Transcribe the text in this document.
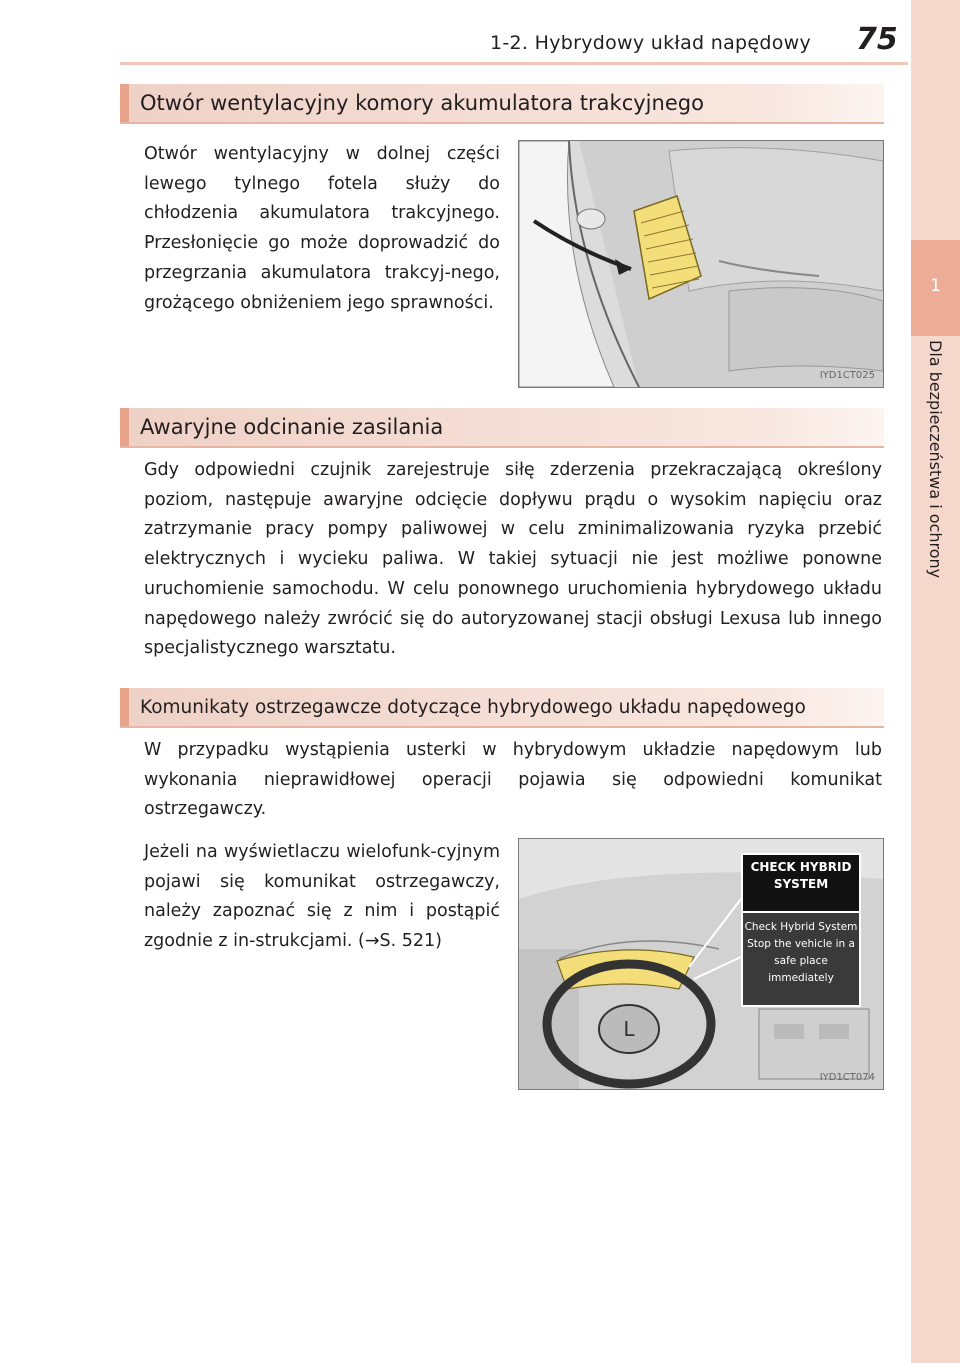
1-2. Hybrydowy układ napędowy 75
1
Dla bezpieczeństwa i ochrony
Otwór wentylacyjny komory akumulatora trakcyjnego
Otwór wentylacyjny w dolnej części lewego tylnego fotela służy do chłodzenia akumulatora trakcyjnego. Przesłonięcie go może doprowadzić do przegrzania akumulatora trakcyj-nego, grożącego obniżeniem jego sprawności.
IYD1CT025
Awaryjne odcinanie zasilania
Gdy odpowiedni czujnik zarejestruje siłę zderzenia przekraczającą określony poziom, następuje awaryjne odcięcie dopływu prądu o wysokim napięciu oraz zatrzymanie pracy pompy paliwowej w celu zminimalizowania ryzyka przebić elektrycznych i wycieku paliwa. W takiej sytuacji nie jest możliwe ponowne uruchomienie samochodu. W celu ponownego uruchomienia hybrydowego układu napędowego należy zwrócić się do autoryzowanej stacji obsługi Lexusa lub innego specjalistycznego warsztatu.
Komunikaty ostrzegawcze dotyczące hybrydowego układu napędowego
W przypadku wystąpienia usterki w hybrydowym układzie napędowym lub wykonania nieprawidłowej operacji pojawia się odpowiedni komunikat ostrzegawczy.
Jeżeli na wyświetlaczu wielofunk-cyjnym pojawi się komunikat ostrzegawczy, należy zapoznać się z nim i postąpić zgodnie z in-strukcjami. (→S. 521)
L
CHECK HYBRID SYSTEM
Check Hybrid System Stop the vehicle in a safe place immediately
IYD1CT074
